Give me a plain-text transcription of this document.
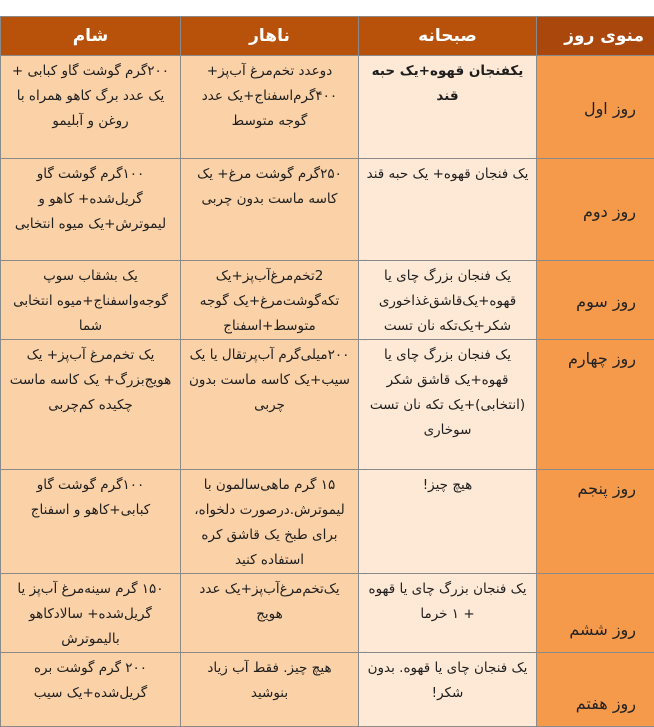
منوی روز	صبحانه	ناهار	شام
روز اول	یکفنجان قهوه+یک حبه قند	دوعدد تخم‌مرغ آب‌پز+ ۴۰۰گرم‌اسفناج+یک عدد گوجه متوسط	۲۰۰گرم گوشت گاو کبابی + یک عدد برگ کاهو همراه با روغن و آبلیمو
روز دوم	یک فنجان قهوه+ یک حبه قند	۲۵۰گرم گوشت مرغ+ یک کاسه ماست بدون چربی	۱۰۰گرم گوشت گاو گریل‌شده+ کاهو و لیموترش+یک میوه انتخابی
روز سوم	یک فنجان بزرگ چای یا قهوه+یک‌قاشق‌غذاخوری شکر+یک‌تکه نان تست	2تخم‌مرغ‌آب‌پز+یک تکه‌گوشت‌مرغ+یک گوجه متوسط+اسفناج	یک بشقاب سوپ گوجه‌واسفناج+میوه انتخابی شما
روز چهارم	یک فنجان بزرگ چای یا قهوه+یک قاشق شکر (انتخابی)+یک تکه نان تست سوخاری	۲۰۰میلی‌گرم آب‌پرتقال یا یک سیب+یک کاسه ماست بدون چربی	یک تخم‌مرغ آب‌پز+ یک هویج‌بزرگ+ یک کاسه ماست چکیده کم‌چربی
روز پنجم	هیچ چیز!	۱۵ گرم ماهی‌سالمون با لیموترش.درصورت دلخواه، برای طبخ یک قاشق کره استفاده کنید	۱۰۰گرم گوشت گاو کبابی+کاهو و اسفناج
روز ششم	یک فنجان بزرگ چای یا قهوه + ۱ خرما	یک‌تخم‌مرغ‌آب‌پز+یک عدد هویج	۱۵۰ گرم سینه‌مرغ آب‌پز یا گریل‌شده+ سالادکاهو بالیموترش
روز هفتم	یک فنجان چای یا قهوه. بدون شکر!	هیچ چیز. فقط آب زیاد بنوشید	۲۰۰ گرم گوشت بره گریل‌شده+یک سیب
